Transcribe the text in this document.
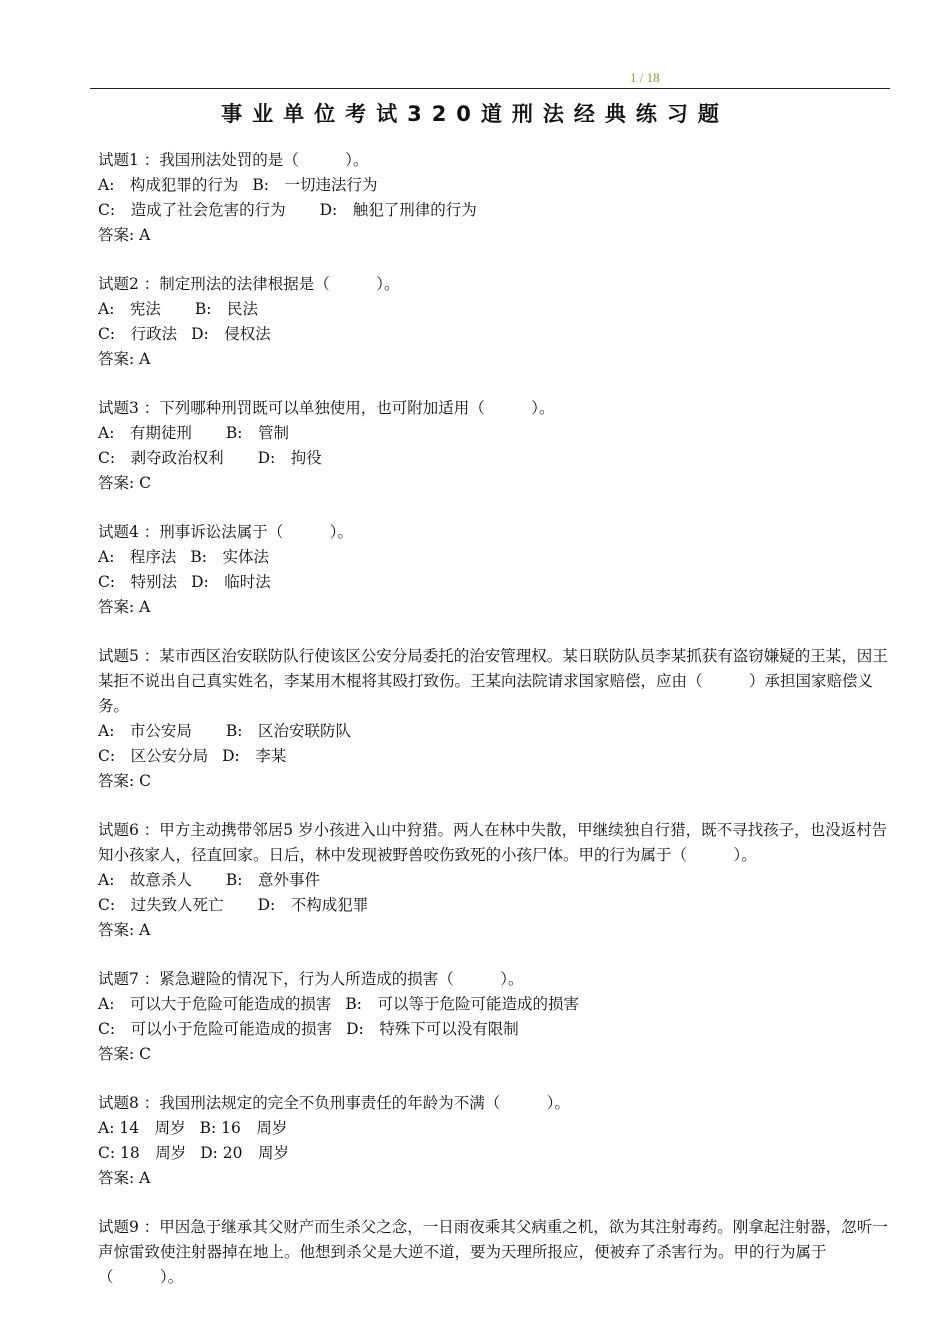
1 / 18
事业单位考试320道刑法经典练习题
试题1 ：我国刑法处罚的是（　　　）。
A:　构成犯罪的行为 B:　一切违法行为
C:　造成了社会危害的行为 D:　触犯了刑律的行为
答案: A
试题2 ：制定刑法的法律根据是（　　　）。
A:　宪法 B:　民法
C:　行政法 D:　侵权法
答案: A
试题3 ：下列哪种刑罚既可以单独使用，也可附加适用（　　　）。
A:　有期徒刑 B:　管制
C:　剥夺政治权利 D:　拘役
答案: C
试题4 ：刑事诉讼法属于（　　　）。
A:　程序法 B:　实体法
C:　特别法 D:　临时法
答案: A
试题5 ：某市西区治安联防队行使该区公安分局委托的治安管理权。某日联防队员李某抓获有盗窃嫌疑的王某，因王某拒不说出自己真实姓名，李某用木棍将其殴打致伤。王某向法院请求国家赔偿，应由（　　　）承担国家赔偿义务。
A:　市公安局 B:　区治安联防队
C:　区公安分局 D:　李某
答案: C
试题6 ：甲方主动携带邻居5 岁小孩进入山中狩猎。两人在林中失散，甲继续独自行猎，既不寻找孩子，也没返村告知小孩家人，径直回家。日后，林中发现被野兽咬伤致死的小孩尸体。甲的行为属于（　　　）。
A:　故意杀人 B:　意外事件
C:　过失致人死亡 D:　不构成犯罪
答案: A
试题7 ：紧急避险的情况下，行为人所造成的损害（　　　）。
A:　可以大于危险可能造成的损害 B:　可以等于危险可能造成的损害
C:　可以小于危险可能造成的损害 D:　特殊下可以没有限制
答案: C
试题8 ：我国刑法规定的完全不负刑事责任的年龄为不满（　　　）。
A: 14　周岁 B: 16　周岁
C: 18　周岁 D: 20　周岁
答案: A
试题9 ：甲因急于继承其父财产而生杀父之念，一日雨夜乘其父病重之机，欲为其注射毒药。刚拿起注射器，忽听一声惊雷致使注射器掉在地上。他想到杀父是大逆不道，要为天理所报应，便被弃了杀害行为。甲的行为属于（　　　）。
